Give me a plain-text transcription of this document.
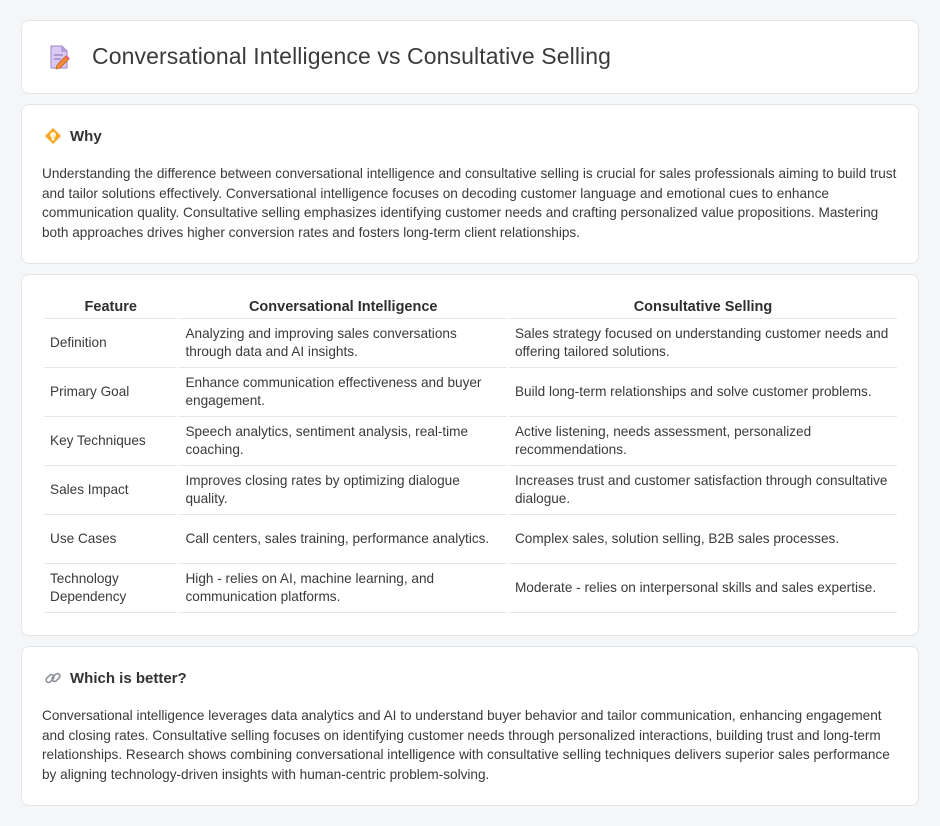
Conversational Intelligence vs Consultative Selling
Why

Understanding the difference between conversational intelligence and consultative selling is crucial for sales professionals aiming to build trust and tailor solutions effectively. Conversational intelligence focuses on decoding customer language and emotional cues to enhance communication quality. Consultative selling emphasizes identifying customer needs and crafting personalized value propositions. Mastering both approaches drives higher conversion rates and fosters long-term client relationships.

Feature	Conversational Intelligence	Consultative Selling
Definition	Analyzing and improving sales conversations through data and AI insights.	Sales strategy focused on understanding customer needs and offering tailored solutions.
Primary Goal	Enhance communication effectiveness and buyer engagement.	Build long-term relationships and solve customer problems.
Key Techniques	Speech analytics, sentiment analysis, real-time coaching.	Active listening, needs assessment, personalized recommendations.
Sales Impact	Improves closing rates by optimizing dialogue quality.	Increases trust and customer satisfaction through consultative dialogue.
Use Cases	Call centers, sales training, performance analytics.	Complex sales, solution selling, B2B sales processes.
Technology Dependency	High - relies on AI, machine learning, and communication platforms.	Moderate - relies on interpersonal skills and sales expertise.
Which is better?

Conversational intelligence leverages data analytics and AI to understand buyer behavior and tailor communication, enhancing engagement and closing rates. Consultative selling focuses on identifying customer needs through personalized interactions, building trust and long-term relationships. Research shows combining conversational intelligence with consultative selling techniques delivers superior sales performance by aligning technology-driven insights with human-centric problem-solving.
